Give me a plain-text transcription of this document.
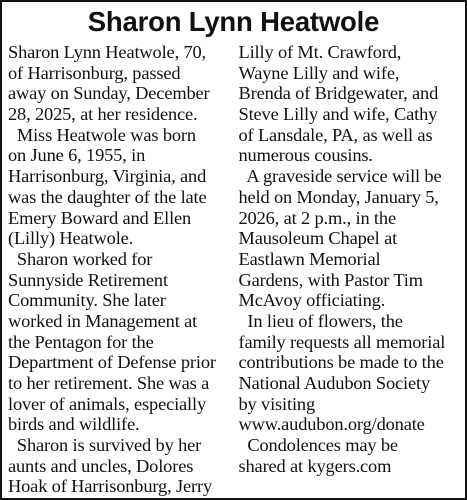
Sharon Lynn Heatwole
Sharon Lynn Heatwole, 70,
of Harrisonburg, passed
away on Sunday, December
28, 2025, at her residence.
Miss Heatwole was born
on June 6, 1955, in
Harrisonburg, Virginia, and
was the daughter of the late
Emery Boward and Ellen
(Lilly) Heatwole.
Sharon worked for
Sunnyside Retirement
Community. She later
worked in Management at
the Pentagon for the
Department of Defense prior
to her retirement. She was a
lover of animals, especially
birds and wildlife.
Sharon is survived by her
aunts and uncles, Dolores
Hoak of Harrisonburg, Jerry
Lilly of Mt. Crawford,
Wayne Lilly and wife,
Brenda of Bridgewater, and
Steve Lilly and wife, Cathy
of Lansdale, PA, as well as
numerous cousins.
A graveside service will be
held on Monday, January 5,
2026, at 2 p.m., in the
Mausoleum Chapel at
Eastlawn Memorial
Gardens, with Pastor Tim
McAvoy officiating.
In lieu of flowers, the
family requests all memorial
contributions be made to the
National Audubon Society
by visiting
www.audubon.org/donate
Condolences may be
shared at kygers.com
